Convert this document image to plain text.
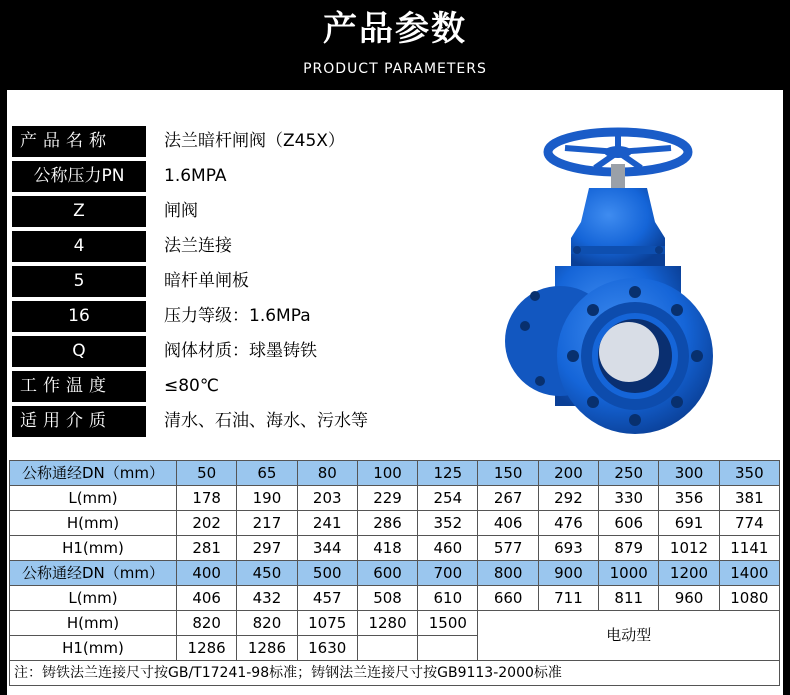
产品参数
PRODUCT PARAMETERS
产品名称	法兰暗杆闸阀（Z45X）
公称压力PN	1.6MPA
Z	闸阀
4	法兰连接
5	暗杆单闸板
16	压力等级：1.6MPa
Q	阀体材质：球墨铸铁
工作温度	≤80℃
适用介质	清水、石油、海水、污水等
公称通经DN（mm）	50	65	80	100	125	150	200	250	300	350
L(mm)	178	190	203	229	254	267	292	330	356	381
H(mm)	202	217	241	286	352	406	476	606	691	774
H1(mm)	281	297	344	418	460	577	693	879	1012	1141
公称通经DN（mm）	400	450	500	600	700	800	900	1000	1200	1400
L(mm)	406	432	457	508	610	660	711	811	960	1080
H(mm)	820	820	1075	1280	1500	电动型				
H1(mm)	1286	1286	1630							
注：铸铁法兰连接尺寸按GB/T17241-98标准；铸钢法兰连接尺寸按GB9113-2000标准										
